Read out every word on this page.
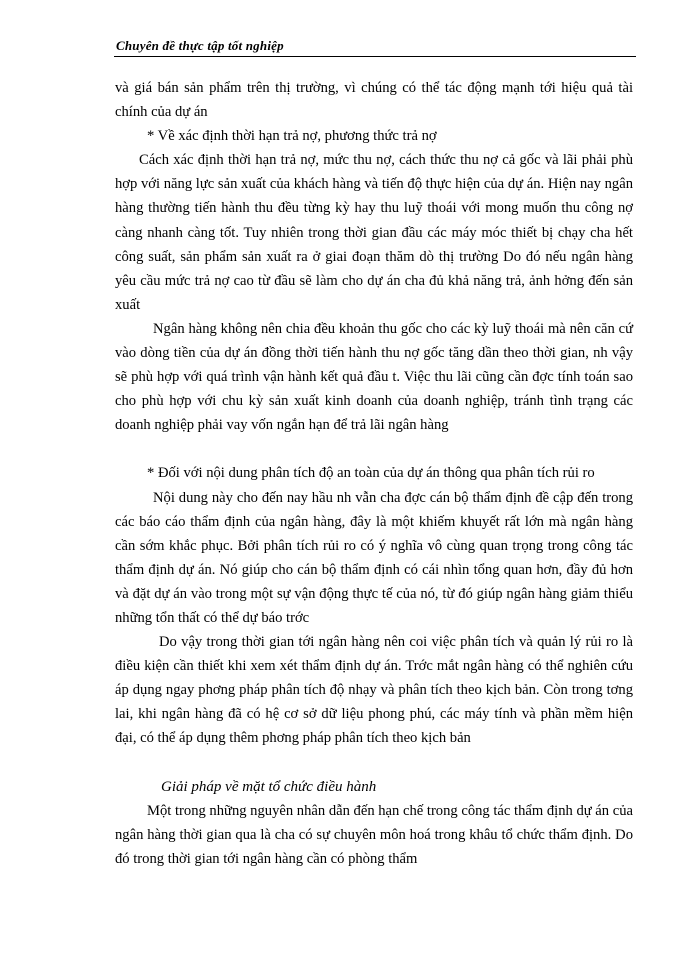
Chuyên đề thực tập tốt nghiệp

và giá bán sản phẩm trên thị trường, vì chúng có thể tác động mạnh tới hiệu quả tài chính của dự án

* Về xác định thời hạn trả nợ, phương thức trả nợ

Cách xác định thời hạn trả nợ, mức thu nợ, cách thức thu nợ cả gốc và lãi phải phù hợp với năng lực sản xuất của khách hàng và tiến độ thực hiện của dự án. Hiện nay ngân hàng thường tiến hành thu đều từng kỳ hay thu luỹ thoái với mong muốn thu công nợ càng nhanh càng tốt. Tuy nhiên trong thời gian đầu các máy móc thiết bị chạy cha hết công suất, sản phẩm sản xuất ra ở giai đoạn thăm dò thị trường Do đó nếu ngân hàng yêu cầu mức trả nợ cao từ đầu sẽ làm cho dự án cha đủ khả năng trả, ảnh hởng đến sản xuất

Ngân hàng không nên chia đều khoản thu gốc cho các kỳ luỹ thoái mà nên căn cứ vào dòng tiền của dự án đồng thời tiến hành thu nợ gốc tăng dần theo thời gian, nh vậy sẽ phù hợp với quá trình vận hành kết quả đầu t. Việc thu lãi cũng cần đợc tính toán sao cho phù hợp với chu kỳ sản xuất kinh doanh của doanh nghiệp, tránh tình trạng các doanh nghiệp phải vay vốn ngắn hạn để trả lãi ngân hàng

* Đối với nội dung phân tích độ an toàn của dự án thông qua phân tích rủi ro

Nội dung này cho đến nay hầu nh vẫn cha đợc cán bộ thẩm định đề cập đến trong các báo cáo thẩm định của ngân hàng, đây là một khiếm khuyết rất lớn mà ngân hàng cần sớm khắc phục. Bởi phân tích rủi ro có ý nghĩa vô cùng quan trọng trong công tác thẩm định dự án. Nó giúp cho cán bộ thẩm định có cái nhìn tổng quan hơn, đầy đủ hơn và đặt dự án vào trong một sự vận động thực tế của nó, từ đó giúp ngân hàng giảm thiểu những tổn thất có thể dự báo trớc

Do vậy trong thời gian tới ngân hàng nên coi việc phân tích và quản lý rủi ro là điều kiện cần thiết khi xem xét thẩm định dự án. Trớc mắt ngân hàng có thể nghiên cứu áp dụng ngay phơng pháp phân tích độ nhạy và phân tích theo kịch bản. Còn trong tơng lai, khi ngân hàng đã có hệ cơ sở dữ liệu phong phú, các máy tính và phần mềm hiện đại, có thể áp dụng thêm phơng pháp phân tích theo kịch bản

Giải pháp về mặt tổ chức điều hành

Một trong những nguyên nhân dẫn đến hạn chế trong công tác thẩm định dự án của ngân hàng thời gian qua là cha có sự chuyên môn hoá trong khâu tổ chức thẩm định. Do đó trong thời gian tới ngân hàng cần có phòng thẩm
